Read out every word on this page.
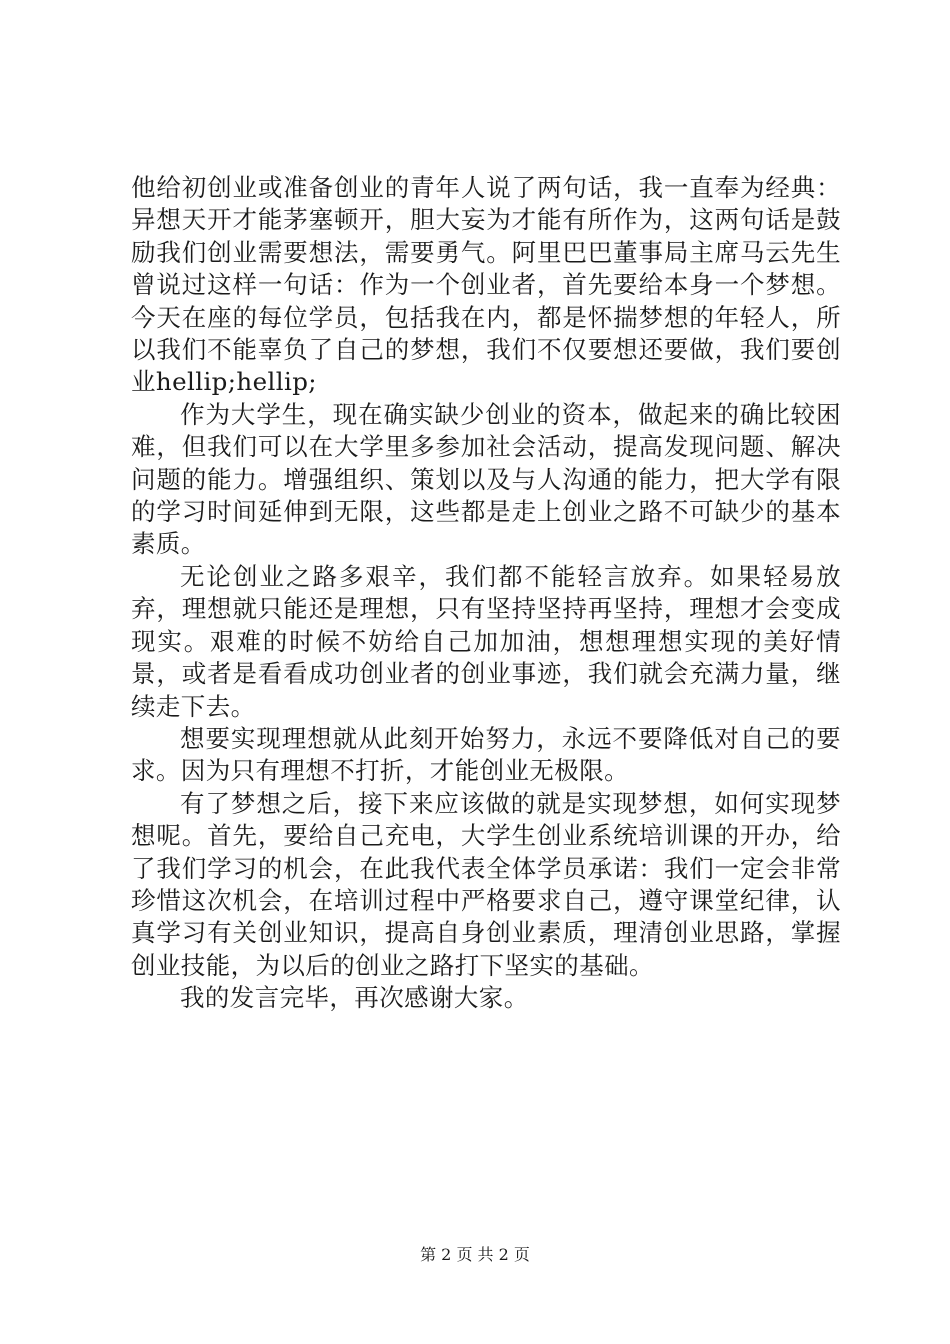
他给初创业或准备创业的青年人说了两句话，我一直奉为经典：异想天开才能茅塞顿开，胆大妄为才能有所作为，这两句话是鼓励我们创业需要想法，需要勇气。阿里巴巴董事局主席马云先生曾说过这样一句话：作为一个创业者，首先要给本身一个梦想。今天在座的每位学员，包括我在内，都是怀揣梦想的年轻人，所以我们不能辜负了自己的梦想，我们不仅要想还要做，我们要创业hellip;hellip;

作为大学生，现在确实缺少创业的资本，做起来的确比较困难，但我们可以在大学里多参加社会活动，提高发现问题、解决问题的能力。增强组织、策划以及与人沟通的能力，把大学有限的学习时间延伸到无限，这些都是走上创业之路不可缺少的基本素质。

无论创业之路多艰辛，我们都不能轻言放弃。如果轻易放弃，理想就只能还是理想，只有坚持坚持再坚持，理想才会变成现实。艰难的时候不妨给自己加加油，想想理想实现的美好情景，或者是看看成功创业者的创业事迹，我们就会充满力量，继续走下去。

想要实现理想就从此刻开始努力，永远不要降低对自己的要求。因为只有理想不打折，才能创业无极限。

有了梦想之后，接下来应该做的就是实现梦想，如何实现梦想呢。首先，要给自己充电，大学生创业系统培训课的开办，给了我们学习的机会，在此我代表全体学员承诺：我们一定会非常珍惜这次机会，在培训过程中严格要求自己，遵守课堂纪律，认真学习有关创业知识，提高自身创业素质，理清创业思路，掌握创业技能，为以后的创业之路打下坚实的基础。

我的发言完毕，再次感谢大家。

第 2 页 共 2 页
